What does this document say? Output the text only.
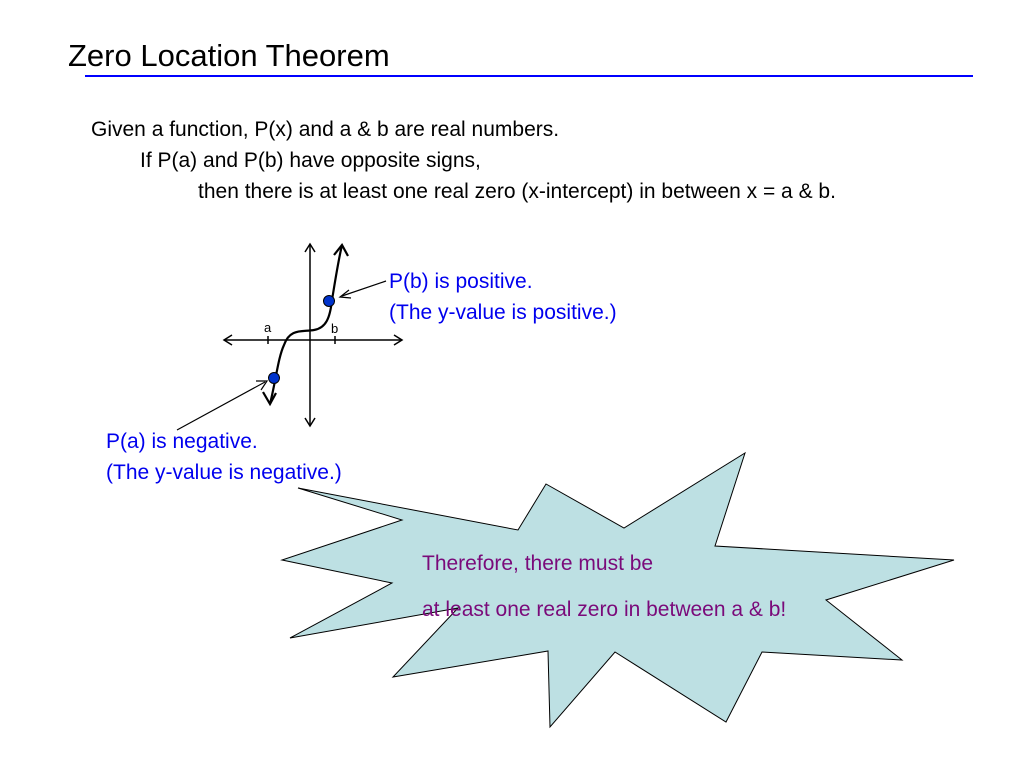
Zero Location Theorem
Given a function, P(x) and a & b are real numbers.
If P(a) and P(b) have opposite signs,
then there is at least one real zero (x-intercept) in between x = a & b.
a	b
P(b) is positive.
(The y-value is positive.)
P(a) is negative.
(The y-value is negative.)
Therefore, there must be
at least one real zero in between a & b!
